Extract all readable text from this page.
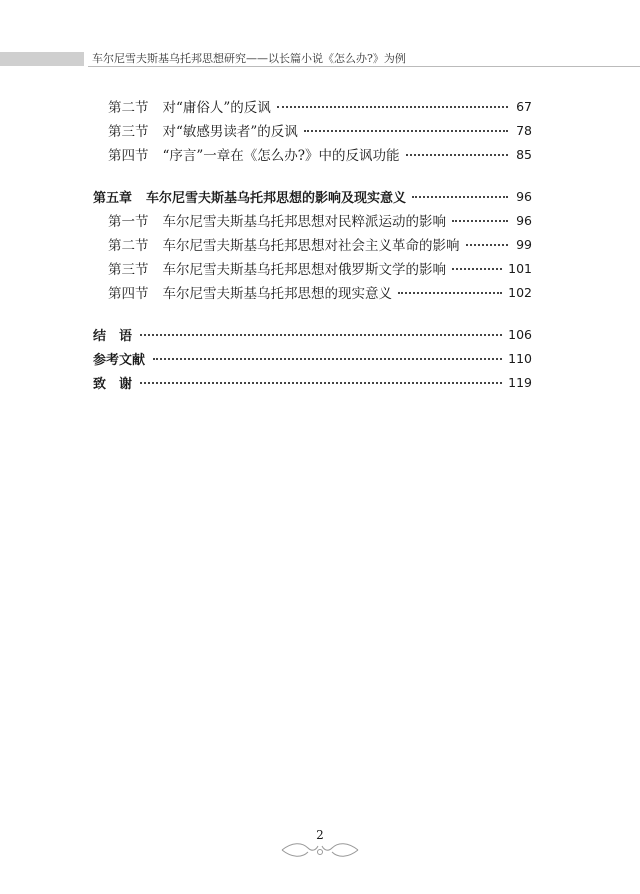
车尔尼雪夫斯基乌托邦思想研究——以长篇小说《怎么办?》为例
第二节 对“庸俗人”的反讽	67
第三节 对“敏感男读者”的反讽	78
第四节 “序言”一章在《怎么办?》中的反讽功能	85
第五章 车尔尼雪夫斯基乌托邦思想的影响及现实意义	96
第一节 车尔尼雪夫斯基乌托邦思想对民粹派运动的影响	96
第二节 车尔尼雪夫斯基乌托邦思想对社会主义革命的影响	99
第三节 车尔尼雪夫斯基乌托邦思想对俄罗斯文学的影响	101
第四节 车尔尼雪夫斯基乌托邦思想的现实意义	102
结　语	106
参考文献	110
致　谢	119
2
